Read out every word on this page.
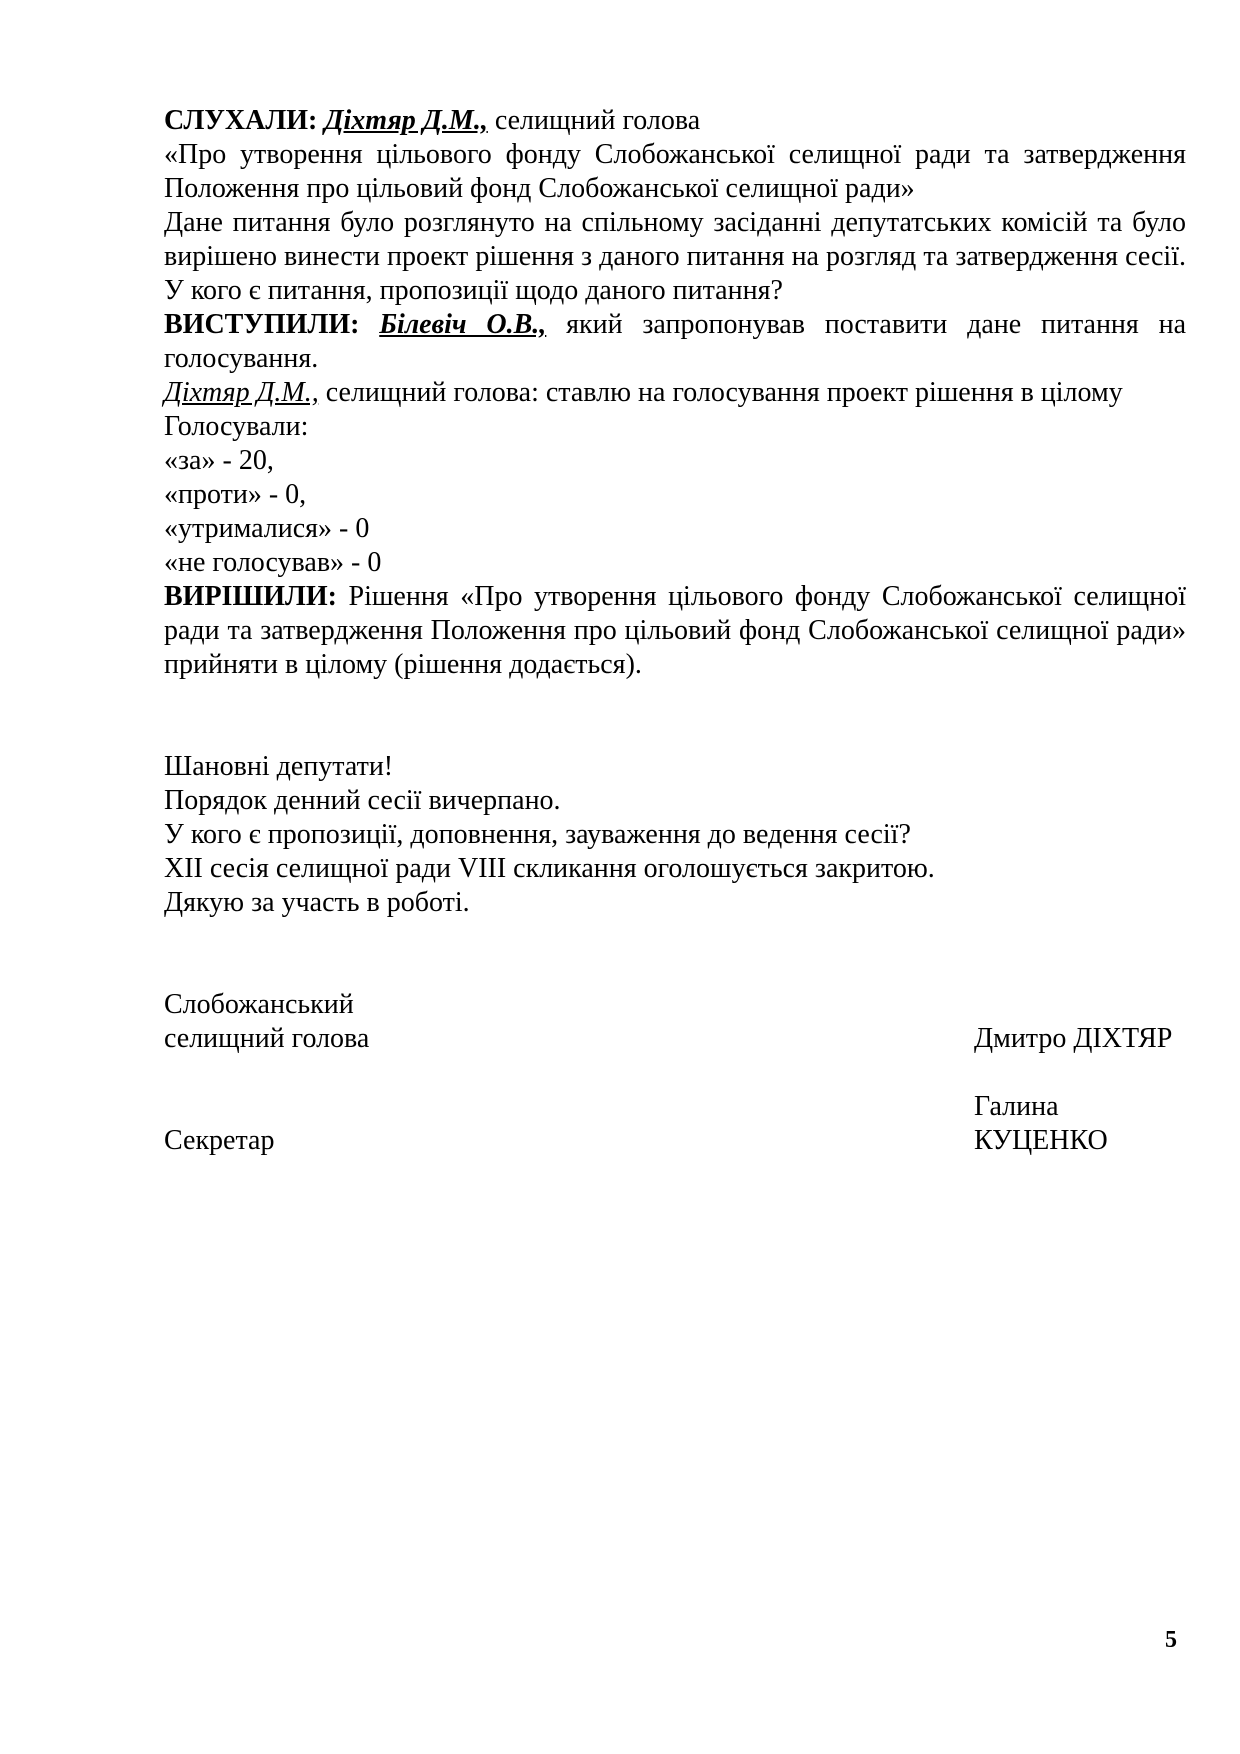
СЛУХАЛИ: Діхтяр Д.М., селищний голова

«Про утворення цільового фонду Слобожанської селищної ради та затвердження Положення про цільовий фонд Слобожанської селищної ради»

Дане питання було розглянуто на спільному засіданні депутатських комісій та було вирішено винести проект рішення з даного питання на розгляд та затвердження сесії. У кого є питання, пропозиції щодо даного питання?

ВИСТУПИЛИ: Білевіч О.В., який запропонував поставити дане питання на голосування.

Діхтяр Д.М., селищний голова: ставлю на голосування проект рішення в цілому

Голосували:

«за» - 20,

«проти» - 0,

«утрималися» - 0

«не голосував» - 0

ВИРІШИЛИ: Рішення «Про утворення цільового фонду Слобожанської селищної ради та затвердження Положення про цільовий фонд Слобожанської селищної ради» прийняти в цілому (рішення додається).

Шановні депутати!

Порядок денний сесії вичерпано.

У кого є пропозиції, доповнення, зауваження до ведення сесії?

ХІІ сесія селищної ради VIII скликання оголошується закритою.

Дякую за участь в роботі.

Слобожанський
селищний голова	Дмитро ДІХТЯР

Секретар	Галина КУЦЕНКО
5
